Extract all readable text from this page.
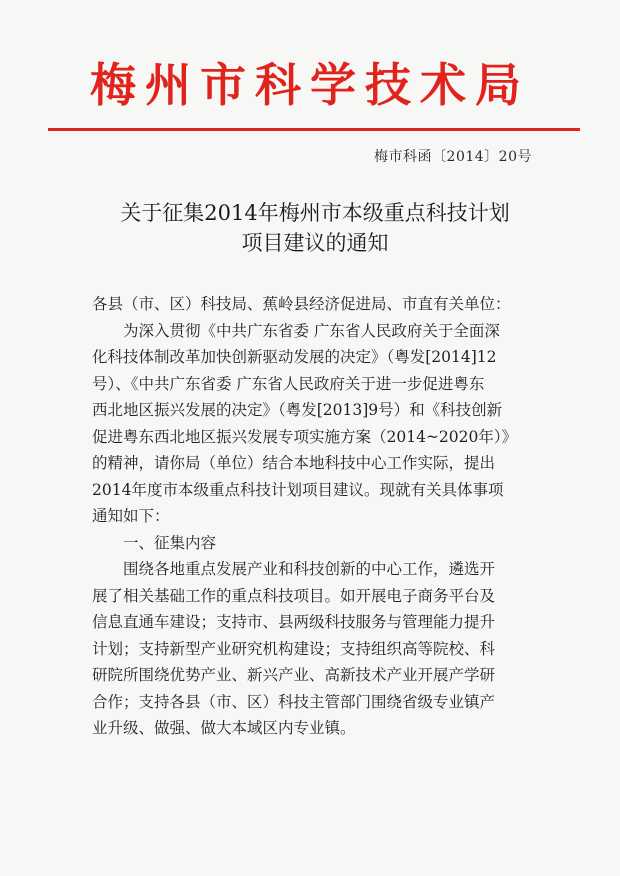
梅州市科学技术局
梅市科函〔2014〕20号
关于征集2014年梅州市本级重点科技计划
项目建议的通知

各县（市、区）科技局、蕉岭县经济促进局、市直有关单位：

为深入贯彻《中共广东省委 广东省人民政府关于全面深

化科技体制改革加快创新驱动发展的决定》（粤发[2014]12

号）、《中共广东省委 广东省人民政府关于进一步促进粤东

西北地区振兴发展的决定》（粤发[2013]9号）和《科技创新

促进粤东西北地区振兴发展专项实施方案（2014~2020年）》

的精神，请你局（单位）结合本地科技中心工作实际，提出

2014年度市本级重点科技计划项目建议。现就有关具体事项

通知如下：

一、征集内容

围绕各地重点发展产业和科技创新的中心工作，遴选开

展了相关基础工作的重点科技项目。如开展电子商务平台及

信息直通车建设；支持市、县两级科技服务与管理能力提升

计划；支持新型产业研究机构建设；支持组织高等院校、科

研院所围绕优势产业、新兴产业、高新技术产业开展产学研

合作；支持各县（市、区）科技主管部门围绕省级专业镇产

业升级、做强、做大本域区内专业镇。
